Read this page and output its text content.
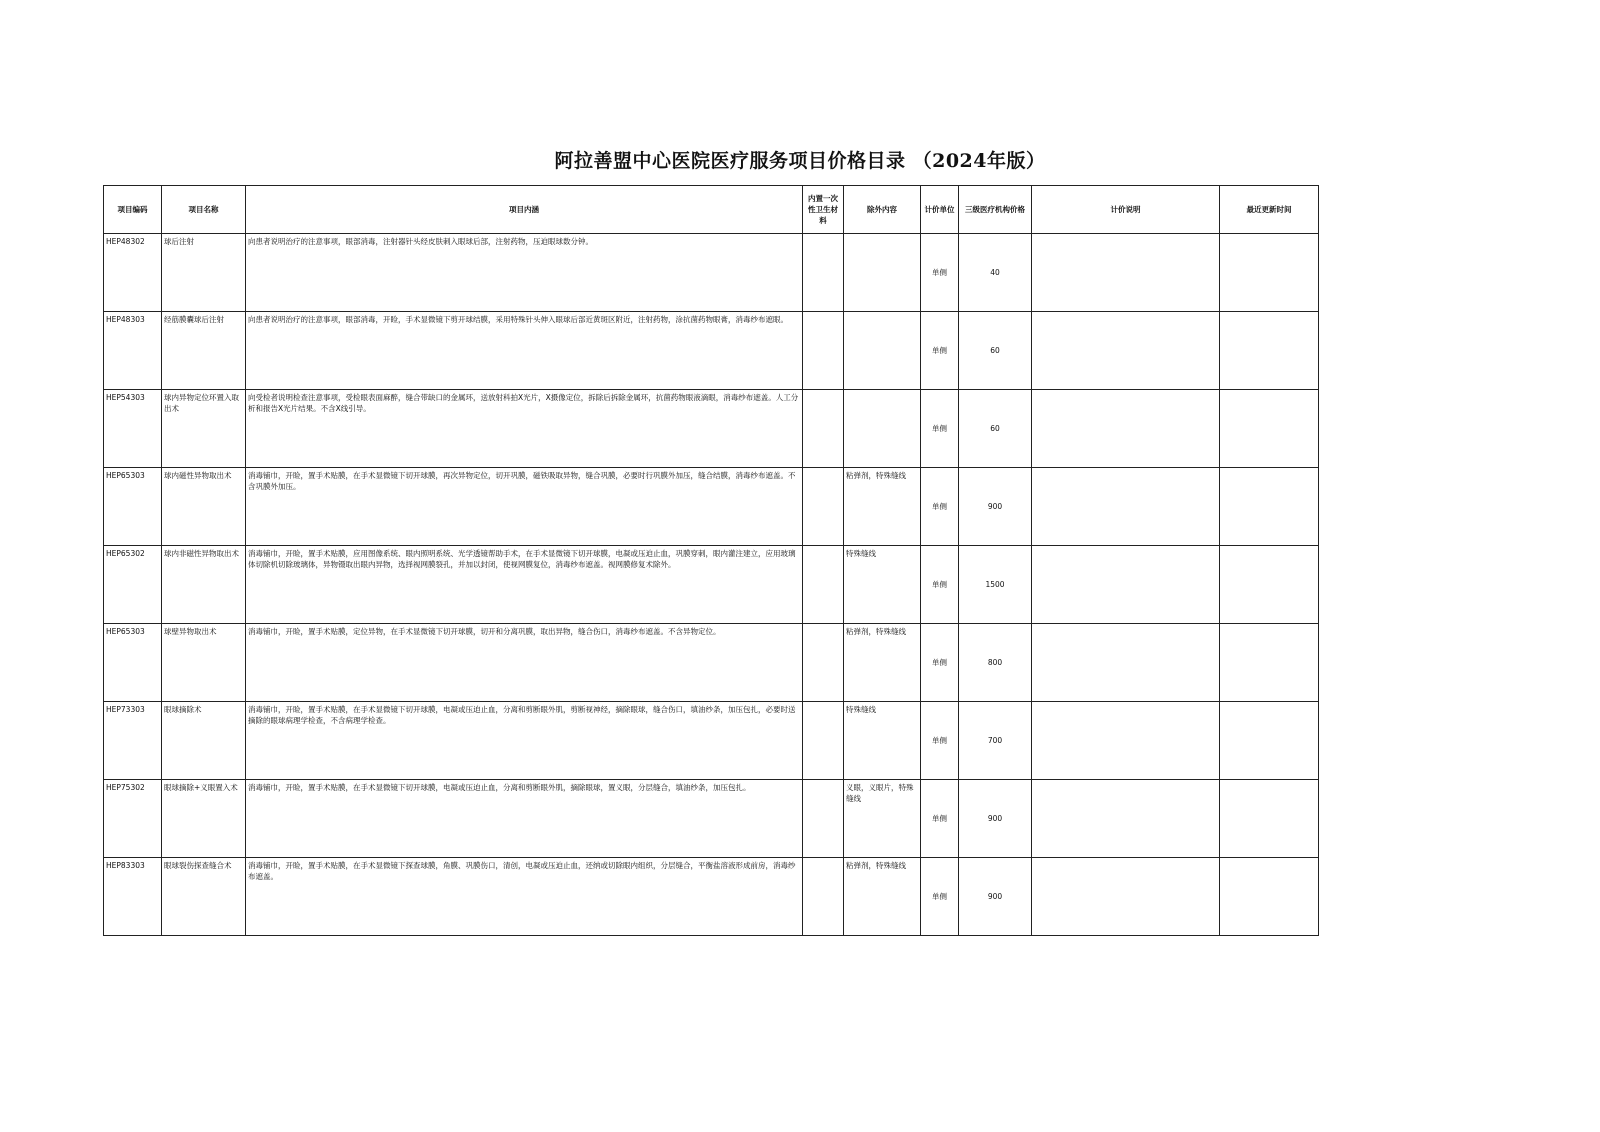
阿拉善盟中心医院医疗服务项目价格目录 （2024年版）
项目编码	项目名称	项目内涵	内置一次性卫生材料	除外内容	计价单位	三级医疗机构价格	计价说明	最近更新时间
HEP48302	球后注射	向患者说明治疗的注意事项，眼部消毒，注射器针头经皮肤刺入眼球后部，注射药物，压迫眼球数分钟。			单侧	40		
HEP48303	经筋膜囊球后注射	向患者说明治疗的注意事项，眼部消毒，开睑，手术显微镜下剪开球结膜，采用特殊针头伸入眼球后部近黄斑区附近，注射药物，涂抗菌药物眼膏，消毒纱布遮眼。			单侧	60		
HEP54303	球内异物定位环置入取出术	向受检者说明检查注意事项，受检眼表面麻醉，缝合带缺口的金属环，送放射科拍X光片，X摄像定位，拆除后拆除金属环，抗菌药物眼液滴眼，消毒纱布遮盖。人工分析和报告X光片结果。不含X线引导。			单侧	60		
HEP65303	球内磁性异物取出术	消毒铺巾，开睑，置手术贴膜，在手术显微镜下切开球膜，再次异物定位，切开巩膜，磁铁吸取异物，缝合巩膜，必要时行巩膜外加压，缝合结膜，消毒纱布遮盖。不含巩膜外加压。		粘弹剂，特殊缝线	单侧	900		
HEP65302	球内非磁性异物取出术	消毒铺巾，开睑，置手术贴膜，应用图像系统、眼内照明系统、光学透镜帮助手术，在手术显微镜下切开球膜，电凝或压迫止血，巩膜穿刺，眼内灌注建立，应用玻璃体切除机切除玻璃体，异物镊取出眼内异物，选择视网膜裂孔，并加以封闭，使视网膜复位，消毒纱布遮盖。视网膜修复术除外。		特殊缝线	单侧	1500		
HEP65303	球壁异物取出术	消毒铺巾，开睑，置手术贴膜，定位异物，在手术显微镜下切开球膜，切开和分离巩膜，取出异物，缝合伤口，消毒纱布遮盖。不含异物定位。		粘弹剂，特殊缝线	单侧	800		
HEP73303	眼球摘除术	消毒铺巾，开睑，置手术贴膜，在手术显微镜下切开球膜，电凝或压迫止血，分离和剪断眼外肌，剪断视神经，摘除眼球，缝合伤口，填油纱条，加压包扎，必要时送摘除的眼球病理学检查，不含病理学检查。		特殊缝线	单侧	700		
HEP75302	眼球摘除+义眼置入术	消毒铺巾，开睑，置手术贴膜，在手术显微镜下切开球膜，电凝或压迫止血，分离和剪断眼外肌，摘除眼球，置义眼，分层缝合，填油纱条，加压包扎。		义眼，义眼片，特殊缝线	单侧	900		
HEP83303	眼球裂伤探查缝合术	消毒铺巾，开睑，置手术贴膜，在手术显微镜下探查球膜，角膜、巩膜伤口，清创，电凝或压迫止血，还纳或切除眼内组织，分层缝合，平衡盐溶液形成前房，消毒纱布遮盖。		粘弹剂，特殊缝线	单侧	900		
